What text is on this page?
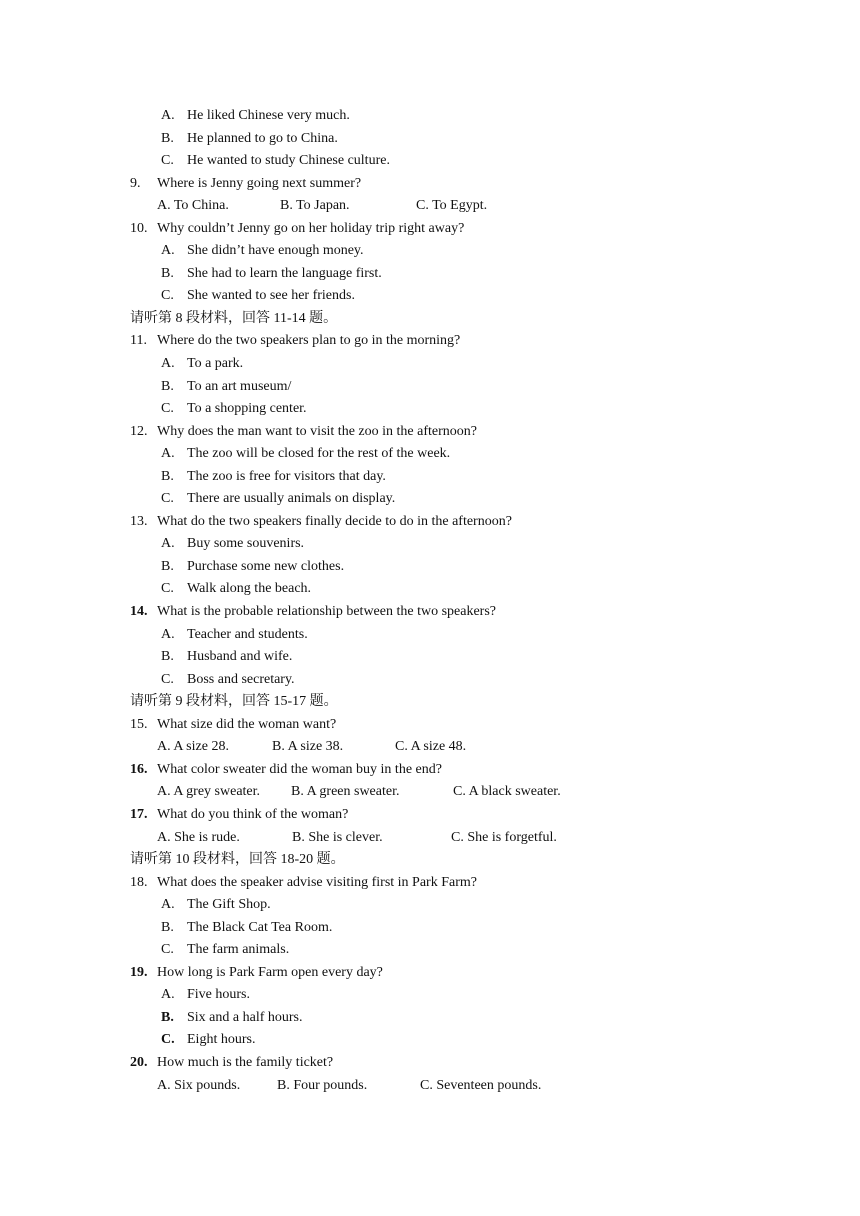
A. He liked Chinese very much.
B. He planned to go to China.
C. He wanted to study Chinese culture.
9. Where is Jenny going next summer?
A. To China.	B. To Japan.	C. To Egypt.
10. Why couldn’t Jenny go on her holiday trip right away?
A. She didn’t have enough money.
B. She had to learn the language first.
C. She wanted to see her friends.
请听第 8 段材料，回答 11-14 题。
11. Where do the two speakers plan to go in the morning?
A. To a park.
B. To an art museum/
C. To a shopping center.
12. Why does the man want to visit the zoo in the afternoon?
A. The zoo will be closed for the rest of the week.
B. The zoo is free for visitors that day.
C. There are usually animals on display.
13. What do the two speakers finally decide to do in the afternoon?
A. Buy some souvenirs.
B. Purchase some new clothes.
C. Walk along the beach.
14. What is the probable relationship between the two speakers?
A. Teacher and students.
B. Husband and wife.
C. Boss and secretary.
请听第 9 段材料，回答 15-17 题。
15. What size did the woman want?
A. A size 28.	B. A size 38.	C. A size 48.
16. What color sweater did the woman buy in the end?
A. A grey sweater. B. A green sweater.	C. A black sweater.
17. What do you think of the woman?
A. She is rude.	B. She is clever.	C. She is forgetful.
请听第 10 段材料，回答 18-20 题。
18. What does the speaker advise visiting first in Park Farm?
A. The Gift Shop.
B. The Black Cat Tea Room.
C. The farm animals.
19. How long is Park Farm open every day?
A. Five hours.
B. Six and a half hours.
C. Eight hours.
20. How much is the family ticket?
A. Six pounds.	B. Four pounds.	C. Seventeen pounds.
